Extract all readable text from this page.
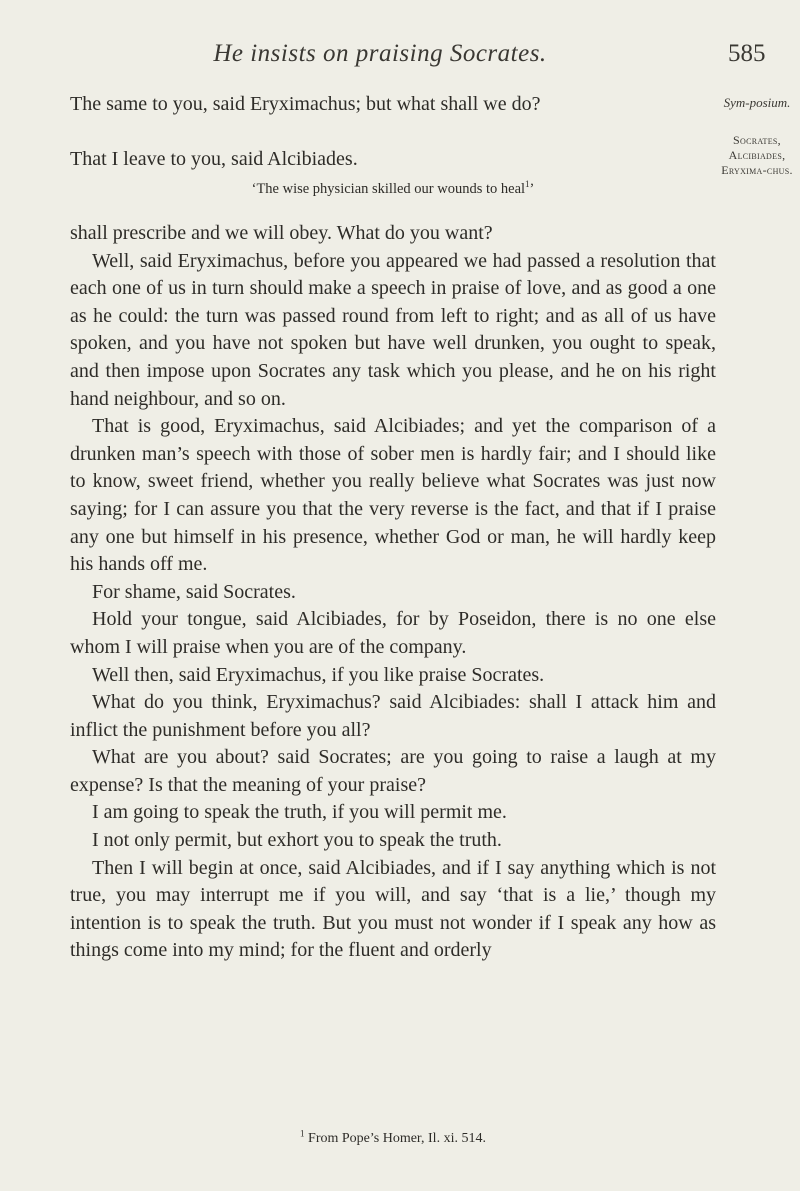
He insists on praising Socrates.	585
Sym-posium.
Socrates, Alcibiades, Eryxima-chus.
The same to you, said Eryximachus; but what shall we do?
That I leave to you, said Alcibiades.
‘The wise physician skilled our wounds to heal$^1$’

shall prescribe and we will obey. What do you want?

Well, said Eryximachus, before you appeared we had passed a resolution that each one of us in turn should make a speech in praise of love, and as good a one as he could: the turn was passed round from left to right; and as all of us have spoken, and you have not spoken but have well drunken, you ought to speak, and then impose upon Socrates any task which you please, and he on his right hand neighbour, and so on.

That is good, Eryximachus, said Alcibiades; and yet the comparison of a drunken man’s speech with those of sober men is hardly fair; and I should like to know, sweet friend, whether you really believe what Socrates was just now saying; for I can assure you that the very reverse is the fact, and that if I praise any one but himself in his presence, whether God or man, he will hardly keep his hands off me.

For shame, said Socrates.

Hold your tongue, said Alcibiades, for by Poseidon, there is no one else whom I will praise when you are of the company.

Well then, said Eryximachus, if you like praise Socrates.

What do you think, Eryximachus? said Alcibiades: shall I attack him and inflict the punishment before you all?

What are you about? said Socrates; are you going to raise a laugh at my expense? Is that the meaning of your praise?

I am going to speak the truth, if you will permit me.

I not only permit, but exhort you to speak the truth.

Then I will begin at once, said Alcibiades, and if I say anything which is not true, you may interrupt me if you will, and say ‘that is a lie,’ though my intention is to speak the truth. But you must not wonder if I speak any how as things come into my mind; for the fluent and orderly

$^1$ From Pope’s Homer, Il. xi. 514.
